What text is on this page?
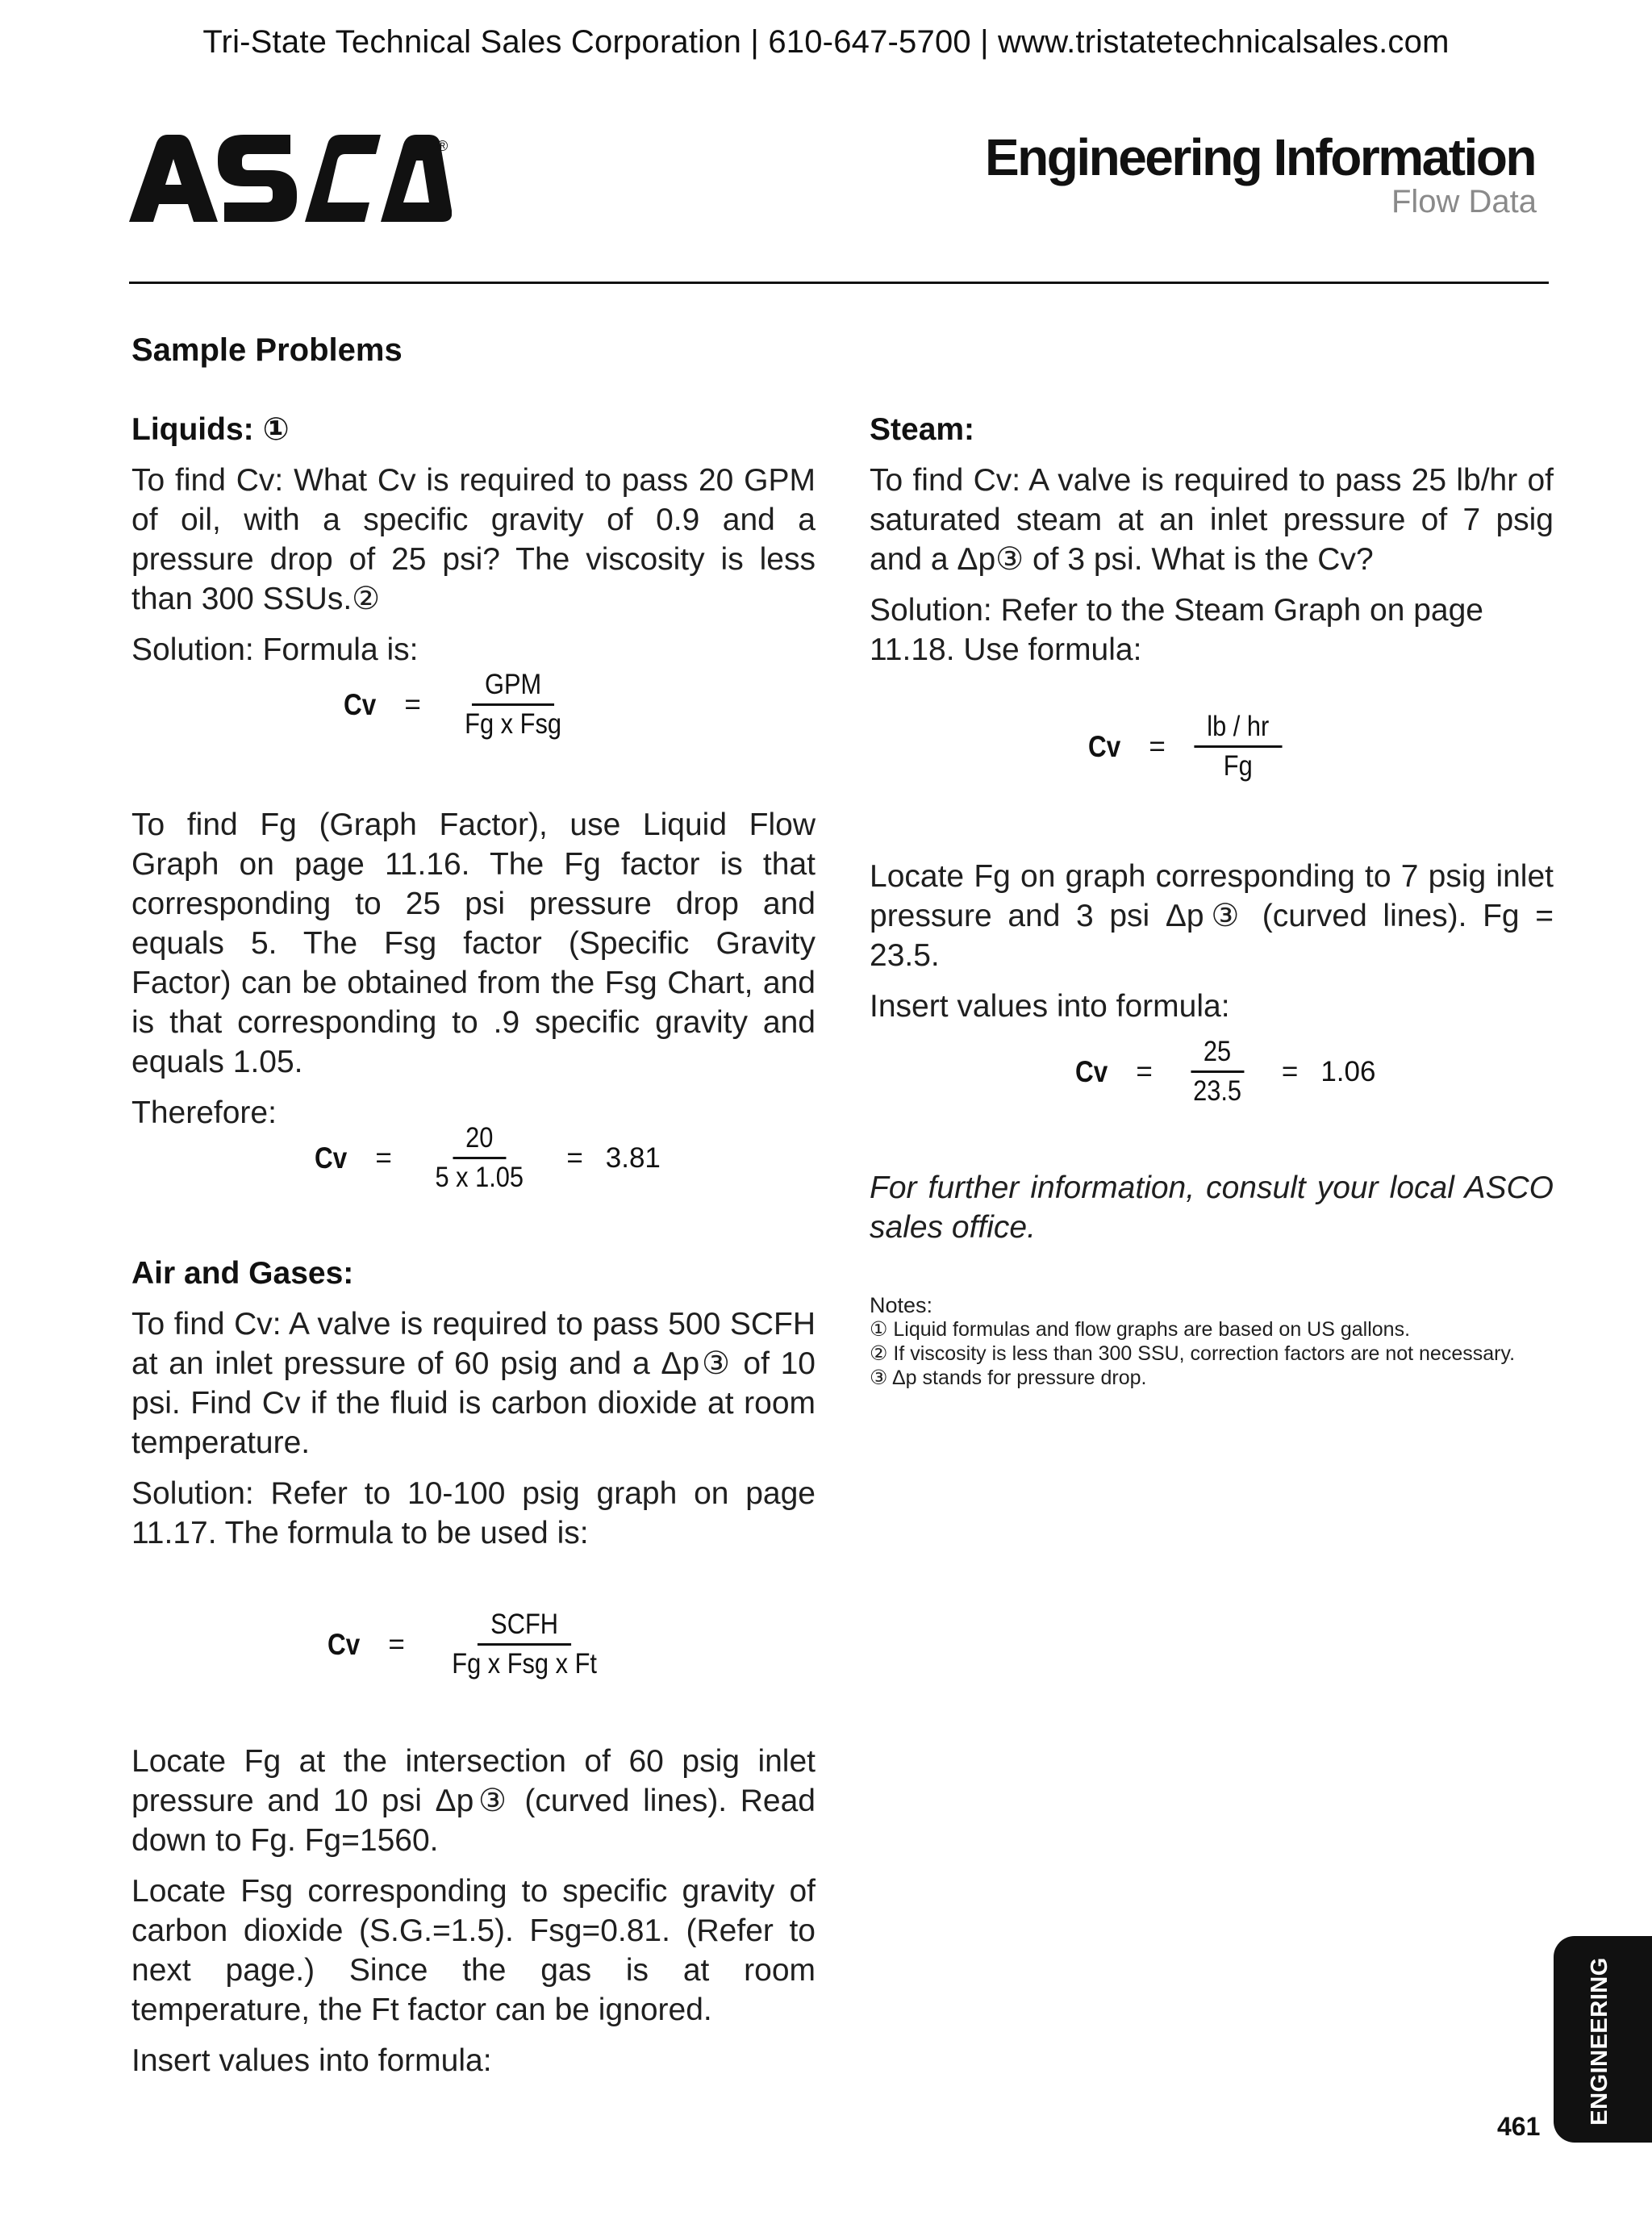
Tri-State Technical Sales Corporation | 610-647-5700 | www.tristatetechnicalsales.com
®	Engineering Information
Flow Data
Sample Problems

Liquids: ①

To find Cv: What Cv is required to pass 20 GPM of oil, with a specific gravity of 0.9 and a pressure drop of 25 psi? The viscosity is less than 300 SSUs.②

Solution: Formula is:

$Cv = \frac{\text{GPM}}{\text{Fg x Fsg}}$

To find Fg (Graph Factor), use Liquid Flow Graph on page 11.16. The Fg factor is that corresponding to 25 psi pressure drop and equals 5. The Fsg factor (Specific Gravity Factor) can be obtained from the Fsg Chart, and is that corresponding to .9 specific gravity and equals 1.05.

Therefore:

$Cv = \frac{20}{5 x 1.05} = 3.81$

Air and Gases:

To find Cv: A valve is required to pass 500 SCFH at an inlet pressure of 60 psig and a Δp③ of 10 psi. Find Cv if the fluid is carbon dioxide at room temperature.

Solution: Refer to 10-100 psig graph on page 11.17. The formula to be used is:

$Cv = \frac{\text{SCFH}}{\text{Fg x Fsg x Ft}}$

Locate Fg at the intersection of 60 psig inlet pressure and 10 psi Δp③ (curved lines). Read down to Fg. Fg=1560.

Locate Fsg corresponding to specific gravity of carbon dioxide (S.G.=1.5). Fsg=0.81. (Refer to next page.) Since the gas is at room temperature, the Ft factor can be ignored.

Insert values into formula:

Steam:

To find Cv: A valve is required to pass 25 lb/hr of saturated steam at an inlet pressure of 7 psig and a Δp③ of 3 psi. What is the Cv?

Solution: Refer to the Steam Graph on page 11.18. Use formula:

$Cv = \frac{lb / hr}{Fg}$

Locate Fg on graph corresponding to 7 psig inlet pressure and 3 psi Δp③ (curved lines). Fg = 23.5.

Insert values into formula:

$Cv = \frac{25}{23.5} = 1.06$

For further information, consult your local ASCO sales office.

Notes:
① Liquid formulas and flow graphs are based on US gallons.
② If viscosity is less than 300 SSU, correction factors are not necessary.
③ Δp stands for pressure drop.
ENGINEERING
461
